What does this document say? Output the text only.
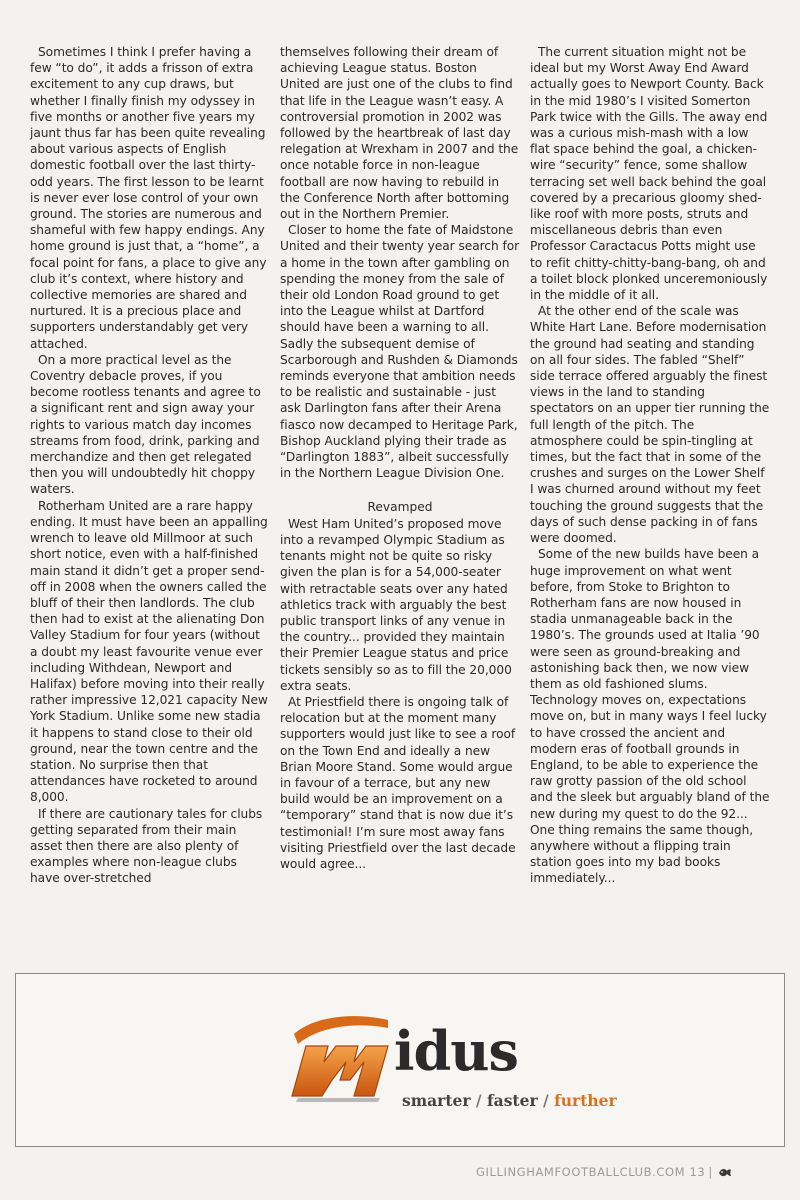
Sometimes I think I prefer having a few “to do”, it adds a frisson of extra excitement to any cup draws, but whether I finally finish my odyssey in five months or another five years my jaunt thus far has been quite revealing about various aspects of English domestic football over the last thirty-odd years. The first lesson to be learnt is never ever lose control of your own ground. The stories are numerous and shameful with few happy endings. Any home ground is just that, a “home”, a focal point for fans, a place to give any club it’s context, where history and collective memories are shared and nurtured. It is a precious place and supporters understandably get very attached.

On a more practical level as the Coventry debacle proves, if you become rootless tenants and agree to a significant rent and sign away your rights to various match day incomes streams from food, drink, parking and merchandize and then get relegated then you will undoubtedly hit choppy waters.

Rotherham United are a rare happy ending. It must have been an appalling wrench to leave old Millmoor at such short notice, even with a half-finished main stand it didn’t get a proper send-off in 2008 when the owners called the bluff of their then landlords. The club then had to exist at the alienating Don Valley Stadium for four years (without a doubt my least favourite venue ever including Withdean, Newport and Halifax) before moving into their really rather impressive 12,021 capacity New York Stadium. Unlike some new stadia it happens to stand close to their old ground, near the town centre and the station. No surprise then that attendances have rocketed to around 8,000.

If there are cautionary tales for clubs getting separated from their main asset then there are also plenty of examples where non-league clubs have over-stretched

themselves following their dream of achieving League status. Boston United are just one of the clubs to find that life in the League wasn’t easy. A controversial promotion in 2002 was followed by the heartbreak of last day relegation at Wrexham in 2007 and the once notable force in non-league football are now having to rebuild in the Conference North after bottoming out in the Northern Premier.

Closer to home the fate of Maidstone United and their twenty year search for a home in the town after gambling on spending the money from the sale of their old London Road ground to get into the League whilst at Dartford should have been a warning to all. Sadly the subsequent demise of Scarborough and Rushden & Diamonds reminds everyone that ambition needs to be realistic and sustainable - just ask Darlington fans after their Arena fiasco now decamped to Heritage Park, Bishop Auckland plying their trade as “Darlington 1883”, albeit successfully in the Northern League Division One.

Revamped

West Ham United’s proposed move into a revamped Olympic Stadium as tenants might not be quite so risky given the plan is for a 54,000-seater with retractable seats over any hated athletics track with arguably the best public transport links of any venue in the country... provided they maintain their Premier League status and price tickets sensibly so as to fill the 20,000 extra seats.

At Priestfield there is ongoing talk of relocation but at the moment many supporters would just like to see a roof on the Town End and ideally a new Brian Moore Stand. Some would argue in favour of a terrace, but any new build would be an improvement on a “temporary” stand that is now due it’s testimonial! I’m sure most away fans visiting Priestfield over the last decade would agree...

The current situation might not be ideal but my Worst Away End Award actually goes to Newport County. Back in the mid 1980’s I visited Somerton Park twice with the Gills. The away end was a curious mish-mash with a low flat space behind the goal, a chicken-wire “security” fence, some shallow terracing set well back behind the goal covered by a precarious gloomy shed-like roof with more posts, struts and miscellaneous debris than even Professor Caractacus Potts might use to refit chitty-chitty-bang-bang, oh and a toilet block plonked unceremoniously in the middle of it all.

At the other end of the scale was White Hart Lane. Before modernisation the ground had seating and standing on all four sides. The fabled “Shelf” side terrace offered arguably the finest views in the land to standing spectators on an upper tier running the full length of the pitch. The atmosphere could be spin-tingling at times, but the fact that in some of the crushes and surges on the Lower Shelf I was churned around without my feet touching the ground suggests that the days of such dense packing in of fans were doomed.

Some of the new builds have been a huge improvement on what went before, from Stoke to Brighton to Rotherham fans are now housed in stadia unmanageable back in the 1980’s. The grounds used at Italia ’90 were seen as ground-breaking and astonishing back then, we now view them as old fashioned slums. Technology moves on, expectations move on, but in many ways I feel lucky to have crossed the ancient and modern eras of football grounds in England, to be able to experience the raw grotty passion of the old school and the sleek but arguably bland of the new during my quest to do the 92... One thing remains the same though, anywhere without a flipping train station goes into my bad books immediately...

idus
smarter / faster / further
GILLINGHAMFOOTBALLCLUB.COM 13 |
